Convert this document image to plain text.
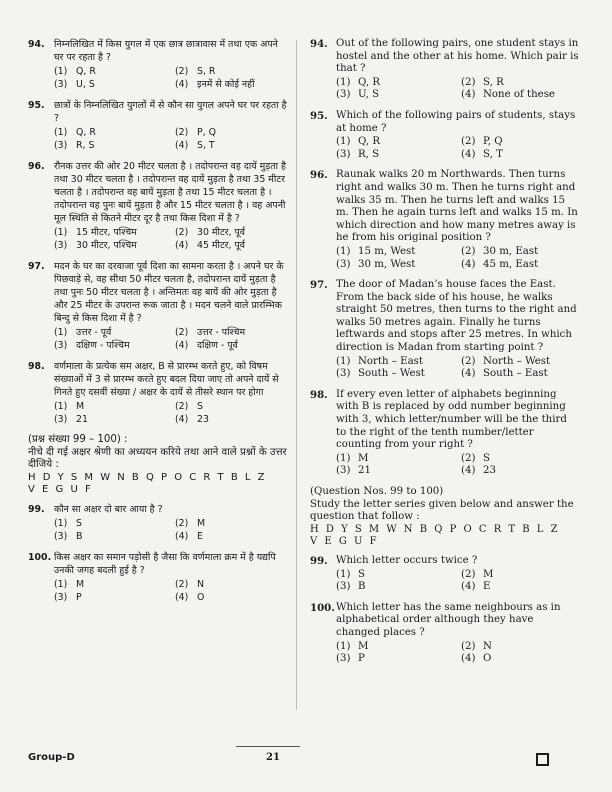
94. निम्नलिखित में किस युगल में एक छात्र छात्रावास में तथा एक अपने घर पर रहता है ?
(1) Q, R	(2) S, R
(3) U, S	(4) इनमें से कोई नहीं
95. छात्रों के निम्नलिखित युगलों में से कौन सा युगल अपने घर पर रहता है ?
(1) Q, R	(2) P, Q
(3) R, S	(4) S, T
96. रौनक उत्तर की ओर 20 मीटर चलता है । तदोपरान्त वह दायें मुड़ता है तथा 30 मीटर चलता है । तदोपरान्त वह दायें मुड़ता है तथा 35 मीटर चलता है । तदोपरान्त वह बायें मुड़ता है तथा 15 मीटर चलता है । तदोपरान्त वह पुनः बायें मुड़ता है और 15 मीटर चलता है । वह अपनी मूल स्थिति से कितने मीटर दूर है तथा किस दिशा में है ?
(1) 15 मीटर, पश्चिम	(2) 30 मीटर, पूर्व
(3) 30 मीटर, पश्चिम	(4) 45 मीटर, पूर्व
97. मदन के घर का दरवाजा पूर्व दिशा का सामना करता है । अपने घर के पिछवाड़े से, वह सीधा 50 मीटर चलता है, तदोपरान्त दायें मुड़ता है तथा पुनः 50 मीटर चलता है । अन्तिमतः वह बायें की ओर मुड़ता है और 25 मीटर के उपरान्त रूक जाता है । मदन चलने वाले प्रारम्भिक बिन्दु से किस दिशा में है ?
(1) उत्तर - पूर्व	(2) उत्तर - पश्चिम
(3) दक्षिण - पश्चिम	(4) दक्षिण - पूर्व
98. वर्णमाला के प्रत्येक सम अक्षर, B से प्रारम्भ करते हुए, को विषम संख्याओं में 3 से प्रारम्भ करते हुए बदल दिया जाए तो अपने दायें से गिनते हुए दसवीं संख्या / अक्षर के दायें से तीसरे स्थान पर होगा
(1) M	(2) S
(3) 21	(4) 23
(प्रश्न संख्या 99 – 100) :
नीचे दी गई अक्षर श्रेणी का अध्ययन करिये तथा आने वाले प्रश्नों के उत्तर दीजिये :
H D Y S M W N B Q P O C R T B L Z
V E G U F
99. कौन सा अक्षर दो बार आया है ?
(1) S	(2) M
(3) B	(4) E
100. किस अक्षर का समान पड़ोसी है जैसा कि वर्णमाला क्रम में है यद्यपि उनकी जगह बदली हुई है ?
(1) M	(2) N
(3) P	(4) O
94. Out of the following pairs, one student stays in hostel and the other at his home. Which pair is that ?
(1) Q, R	(2) S, R
(3) U, S	(4) None of these
95. Which of the following pairs of students, stays at home ?
(1) Q, R	(2) P, Q
(3) R, S	(4) S, T
96. Raunak walks 20 m Northwards. Then turns right and walks 30 m. Then he turns right and walks 35 m. Then he turns left and walks 15 m. Then he again turns left and walks 15 m. In which direction and how many metres away is he from his original position ?
(1) 15 m, West	(2) 30 m, East
(3) 30 m, West	(4) 45 m, East
97. The door of Madan’s house faces the East. From the back side of his house, he walks straight 50 metres, then turns to the right and walks 50 metres again. Finally he turns leftwards and stops after 25 metres. In which direction is Madan from starting point ?
(1) North – East	(2) North – West
(3) South – West	(4) South – East
98. If every even letter of alphabets beginning with B is replaced by odd number beginning with 3, which letter/number will be the third to the right of the tenth number/letter counting from your right ?
(1) M	(2) S
(3) 21	(4) 23
(Question Nos. 99 to 100)
Study the letter series given below and answer the question that follow :
H D Y S M W N B Q P O C R T B L Z
V E G U F
99. Which letter occurs twice ?
(1) S	(2) M
(3) B	(4) E
100. Which letter has the same neighbours as in alphabetical order although they have changed places ?
(1) M	(2) N
(3) P	(4) O
Group-D	21
